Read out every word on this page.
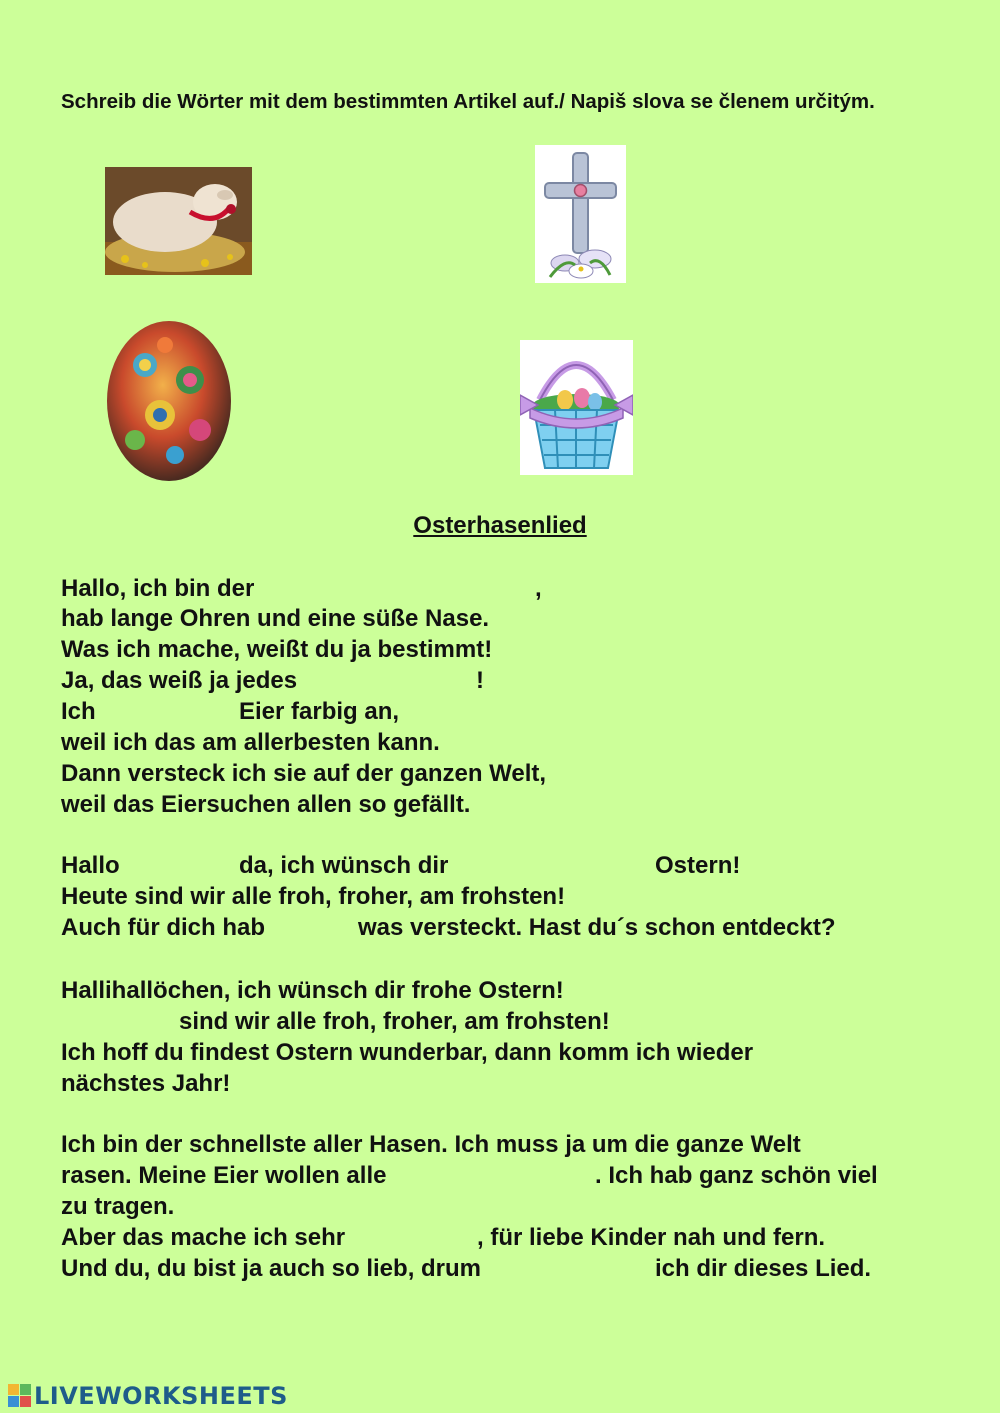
Schreib die Wörter mit dem bestimmten Artikel auf./ Napiš slova se členem určitým.
Osterhasenlied
Hallo, ich bin der	,
hab lange Ohren und eine süße Nase.
Was ich mache, weißt du ja bestimmt!
Ja, das weiß ja jedes	!
Ich	Eier farbig an,
weil ich das am allerbesten kann.
Dann versteck ich sie auf der ganzen Welt,
weil das Eiersuchen allen so gefällt.
Hallo	da, ich wünsch dir	Ostern!
Heute sind wir alle froh, froher, am frohsten!
Auch für dich hab	was versteckt. Hast du´s schon entdeckt?
Hallihallöchen, ich wünsch dir frohe Ostern!
sind wir alle froh, froher, am frohsten!
Ich hoff du findest Ostern wunderbar, dann komm ich wieder
nächstes Jahr!
Ich bin der schnellste aller Hasen. Ich muss ja um die ganze Welt
rasen. Meine Eier wollen alle	. Ich hab ganz schön viel
zu tragen.
Aber das mache ich sehr	, für liebe Kinder nah und fern.
Und du, du bist ja auch so lieb, drum	ich dir dieses Lied.
LIVEWORKSHEETS
